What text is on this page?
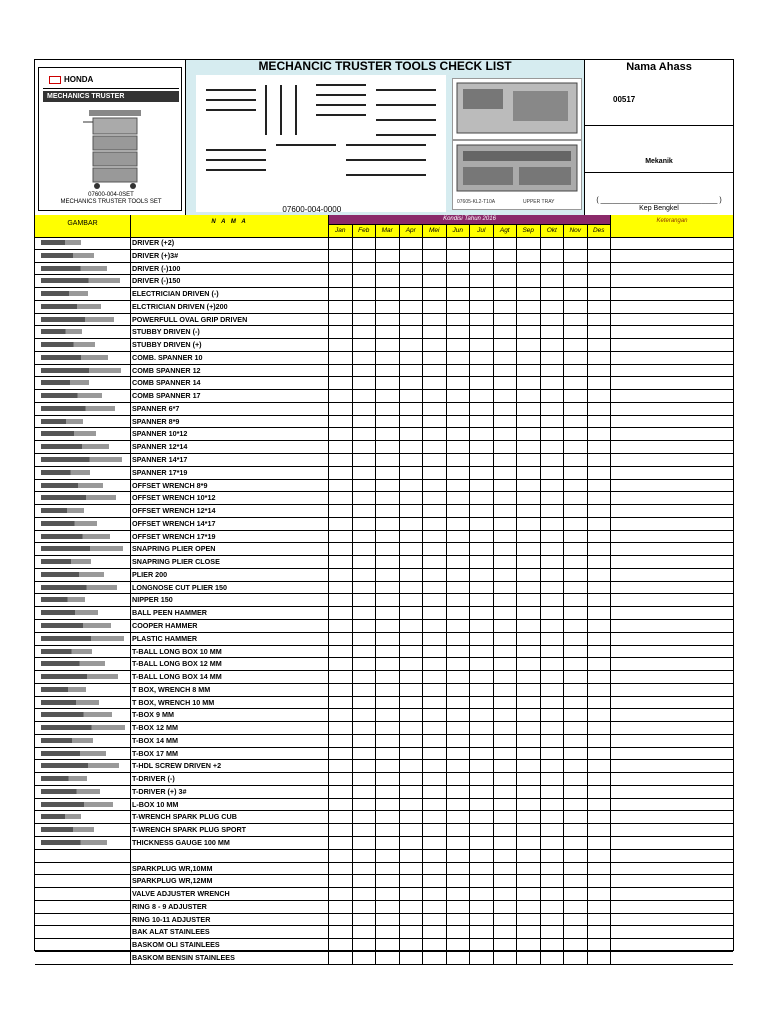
HONDA
MECHANICS TRUSTER
07600-004-0SET
MECHANICS TRUSTER TOOLS SET
MECHANCIC TRUSTER TOOLS CHECK LIST
07600-004-0000
07605-KL2-T10A	UPPER TRAY
Nama Ahass
00517
Mekanik
( ______________________________ )
Kep Bengkel
GAMBAR	N A M A	Kondisi Tahun 2016
Jan	Feb	Mar	Apr	Mei	Jun	Jul	Agt	Sep	Okt	Nov	Des
Keterangan
DRIVER (+2)
DRIVER (+)3#
DRIVER (-)100
DRIVER (-)150
ELECTRICIAN DRIVEN (-)
ELCTRICIAN DRIVEN (+)200
POWERFULL OVAL GRIP DRIVEN
STUBBY DRIVEN (-)
STUBBY DRIVEN (+)
COMB. SPANNER 10
COMB SPANNER 12
COMB SPANNER 14
COMB SPANNER 17
SPANNER 6*7
SPANNER 8*9
SPANNER 10*12
SPANNER 12*14
SPANNER 14*17
SPANNER 17*19
OFFSET WRENCH 8*9
OFFSET WRENCH 10*12
OFFSET WRENCH 12*14
OFFSET WRENCH 14*17
OFFSET WRENCH 17*19
SNAPRING PLIER OPEN
SNAPRING PLIER CLOSE
PLIER 200
LONGNOSE CUT PLIER 150
NIPPER 150
BALL PEEN HAMMER
COOPER HAMMER
PLASTIC HAMMER
T-BALL LONG BOX 10 MM
T-BALL LONG BOX 12 MM
T-BALL LONG BOX 14 MM
T BOX, WRENCH 8 MM
T BOX, WRENCH 10 MM
T-BOX 9 MM
T-BOX 12 MM
T-BOX 14 MM
T-BOX 17 MM
T-HDL SCREW DRIVEN +2
T-DRIVER (-)
T-DRIVER (+) 3#
L-BOX 10 MM
T-WRENCH SPARK PLUG CUB
T-WRENCH SPARK PLUG SPORT
THICKNESS GAUGE 100 MM
SPARKPLUG WR,10MM
SPARKPLUG WR,12MM
VALVE ADJUSTER WRENCH
RING 8 - 9 ADJUSTER
RING 10-11 ADJUSTER
BAK ALAT STAINLEES
BASKOM OLI STAINLEES
BASKOM BENSIN STAINLEES
